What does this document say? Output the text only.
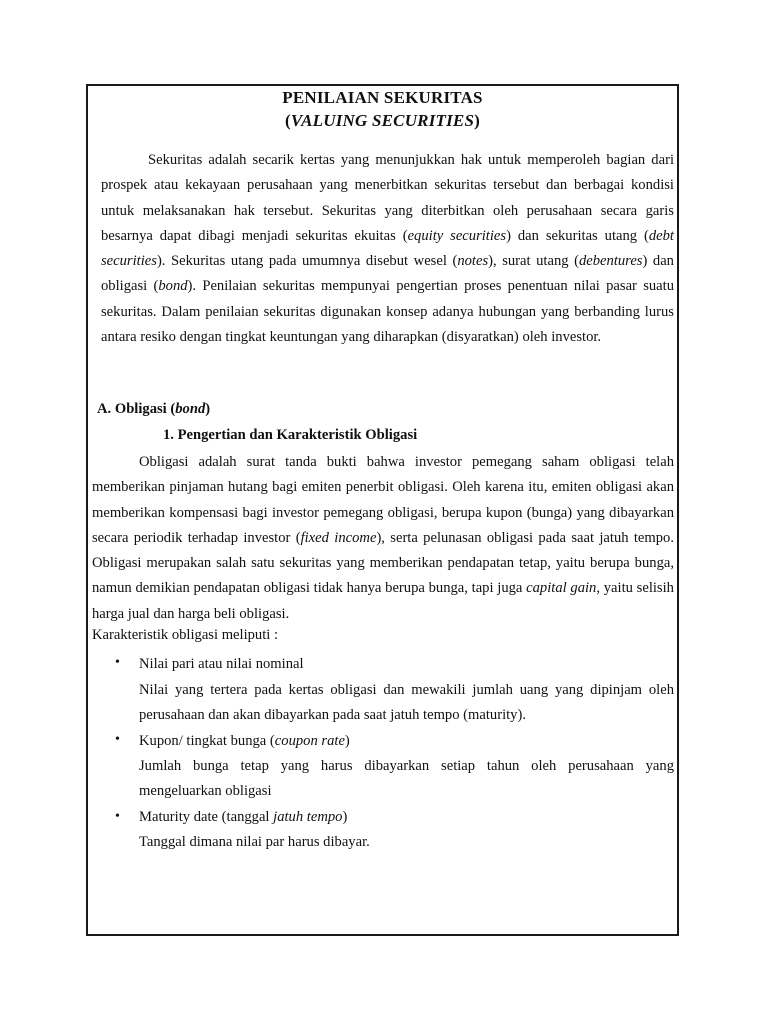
PENILAIAN SEKURITAS
(VALUING SECURITIES)

Sekuritas adalah secarik kertas yang menunjukkan hak untuk memperoleh bagian dari prospek atau kekayaan perusahaan yang menerbitkan sekuritas tersebut dan berbagai kondisi untuk melaksanakan hak tersebut. Sekuritas yang diterbitkan oleh perusahaan secara garis besarnya dapat dibagi menjadi sekuritas ekuitas (equity securities) dan sekuritas utang (debt securities). Sekuritas utang pada umumnya disebut wesel (notes), surat utang (debentures) dan obligasi (bond). Penilaian sekuritas mempunyai pengertian proses penentuan nilai pasar suatu sekuritas. Dalam penilaian sekuritas digunakan konsep adanya hubungan yang berbanding lurus antara resiko dengan tingkat keuntungan yang diharapkan (disyaratkan) oleh investor.

A. Obligasi (bond)
1. Pengertian dan Karakteristik Obligasi

Obligasi adalah surat tanda bukti bahwa investor pemegang saham obligasi telah memberikan pinjaman hutang bagi emiten penerbit obligasi. Oleh karena itu, emiten obligasi akan memberikan kompensasi bagi investor pemegang obligasi, berupa kupon (bunga) yang dibayarkan secara periodik terhadap investor (fixed income), serta pelunasan obligasi pada saat jatuh tempo. Obligasi merupakan salah satu sekuritas yang memberikan pendapatan tetap, yaitu berupa bunga, namun demikian pendapatan obligasi tidak hanya berupa bunga, tapi juga capital gain, yaitu selisih harga jual dan harga beli obligasi.

Karakteristik obligasi meliputi :
• Nilai pari atau nilai nominal
Nilai yang tertera pada kertas obligasi dan mewakili jumlah uang yang dipinjam oleh perusahaan dan akan dibayarkan pada saat jatuh tempo (maturity).
• Kupon/ tingkat bunga (coupon rate)
Jumlah bunga tetap yang harus dibayarkan setiap tahun oleh perusahaan yang mengeluarkan obligasi
• Maturity date (tanggal jatuh tempo)
Tanggal dimana nilai par harus dibayar.
